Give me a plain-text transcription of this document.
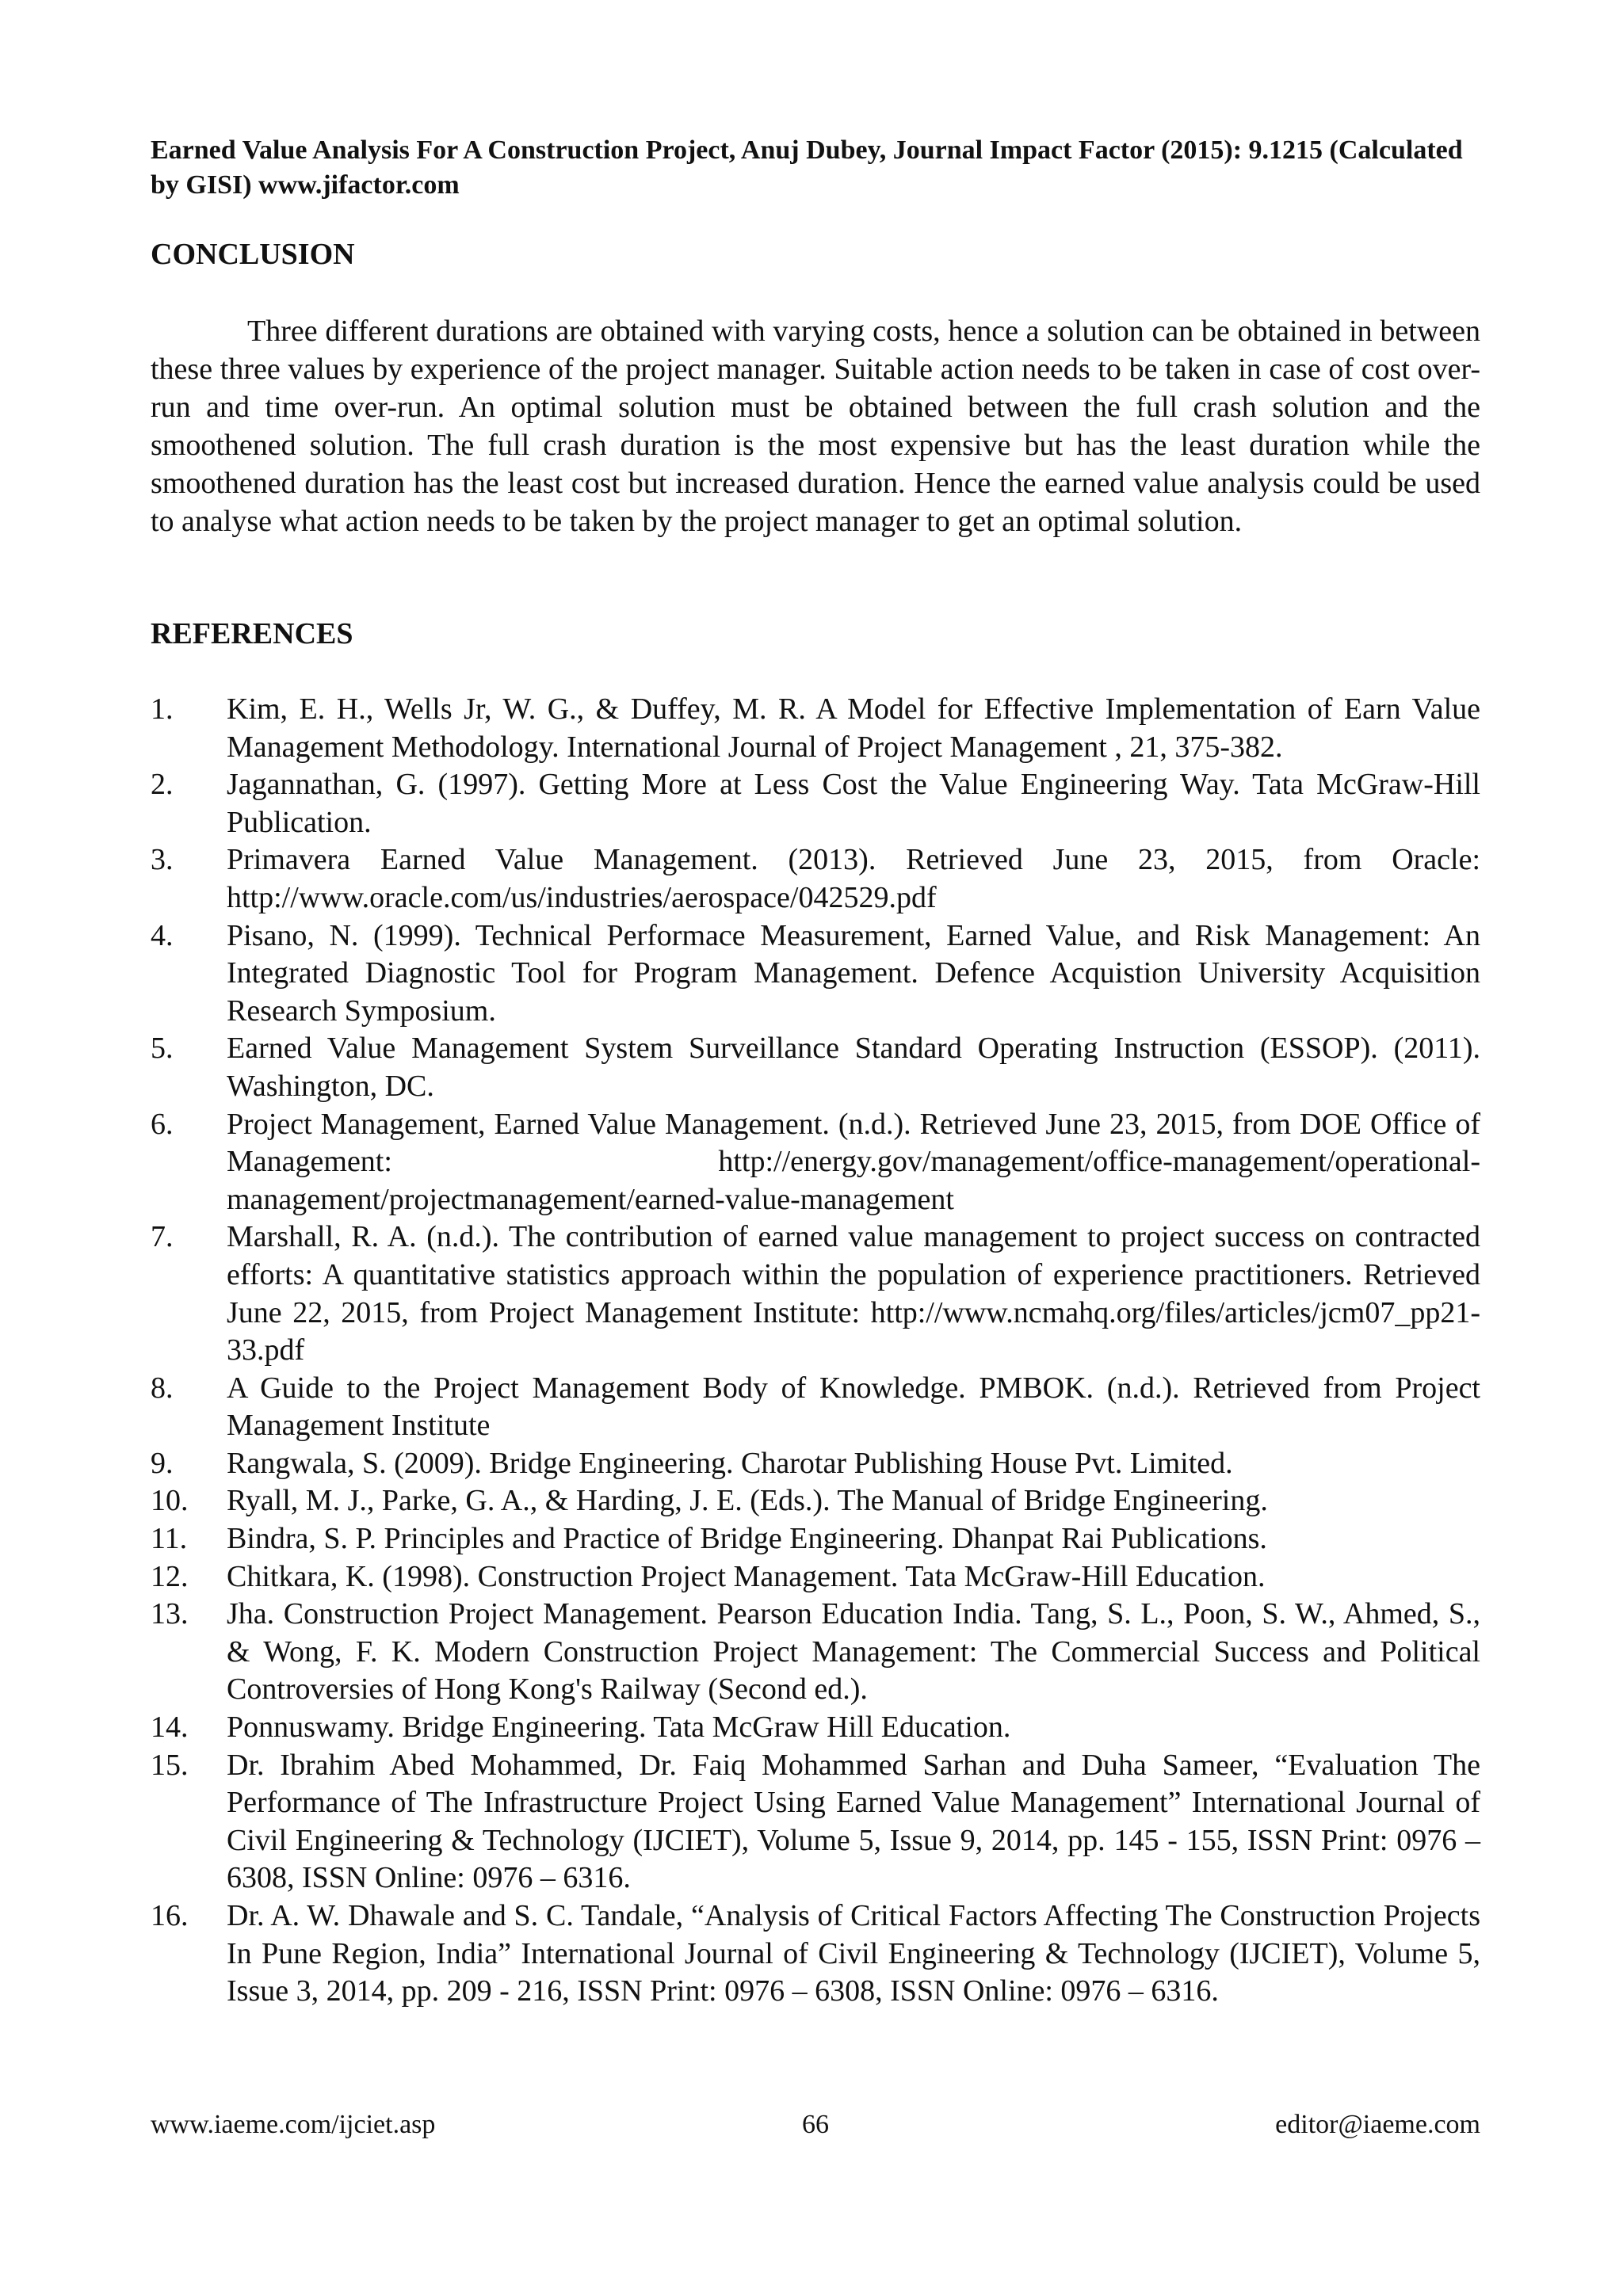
Earned Value Analysis For A Construction Project, Anuj Dubey, Journal Impact Factor (2015): 9.1215 (Calculated by GISI) www.jifactor.com

CONCLUSION

Three different durations are obtained with varying costs, hence a solution can be obtained in between these three values by experience of the project manager. Suitable action needs to be taken in case of cost over-run and time over-run. An optimal solution must be obtained between the full crash solution and the smoothened solution. The full crash duration is the most expensive but has the least duration while the smoothened duration has the least cost but increased duration. Hence the earned value analysis could be used to analyse what action needs to be taken by the project manager to get an optimal solution.

REFERENCES
1.	Kim, E. H., Wells Jr, W. G., & Duffey, M. R. A Model for Effective Implementation of Earn Value Management Methodology. International Journal of Project Management , 21, 375-382.
2.	Jagannathan, G. (1997). Getting More at Less Cost the Value Engineering Way. Tata McGraw-Hill Publication.
3.	Primavera Earned Value Management. (2013). Retrieved June 23, 2015, from Oracle: http://www.oracle.com/us/industries/aerospace/042529.pdf
4.	Pisano, N. (1999). Technical Performace Measurement, Earned Value, and Risk Management: An Integrated Diagnostic Tool for Program Management. Defence Acquistion University Acquisition Research Symposium.
5.	Earned Value Management System Surveillance Standard Operating Instruction (ESSOP). (2011). Washington, DC.
6.	Project Management, Earned Value Management. (n.d.). Retrieved June 23, 2015, from DOE Office of Management: http://energy.gov/management/office-management/operational-management/projectmanagement/earned-value-management
7.	Marshall, R. A. (n.d.). The contribution of earned value management to project success on contracted efforts: A quantitative statistics approach within the population of experience practitioners. Retrieved June 22, 2015, from Project Management Institute: http://www.ncmahq.org/files/articles/jcm07_pp21-33.pdf
8.	A Guide to the Project Management Body of Knowledge. PMBOK. (n.d.). Retrieved from Project Management Institute
9.	Rangwala, S. (2009). Bridge Engineering. Charotar Publishing House Pvt. Limited.
10.	Ryall, M. J., Parke, G. A., & Harding, J. E. (Eds.). The Manual of Bridge Engineering.
11.	Bindra, S. P. Principles and Practice of Bridge Engineering. Dhanpat Rai Publications.
12.	Chitkara, K. (1998). Construction Project Management. Tata McGraw-Hill Education.
13.	Jha. Construction Project Management. Pearson Education India. Tang, S. L., Poon, S. W., Ahmed, S., & Wong, F. K. Modern Construction Project Management: The Commercial Success and Political Controversies of Hong Kong's Railway (Second ed.).
14.	Ponnuswamy. Bridge Engineering. Tata McGraw Hill Education.
15.	Dr. Ibrahim Abed Mohammed, Dr. Faiq Mohammed Sarhan and Duha Sameer, “Evaluation The Performance of The Infrastructure Project Using Earned Value Management” International Journal of Civil Engineering & Technology (IJCIET), Volume 5, Issue 9, 2014, pp. 145 - 155, ISSN Print: 0976 – 6308, ISSN Online: 0976 – 6316.
16.	Dr. A. W. Dhawale and S. C. Tandale, “Analysis of Critical Factors Affecting The Construction Projects In Pune Region, India” International Journal of Civil Engineering & Technology (IJCIET), Volume 5, Issue 3, 2014, pp. 209 - 216, ISSN Print: 0976 – 6308, ISSN Online: 0976 – 6316.
www.iaeme.com/ijciet.asp	66	editor@iaeme.com
